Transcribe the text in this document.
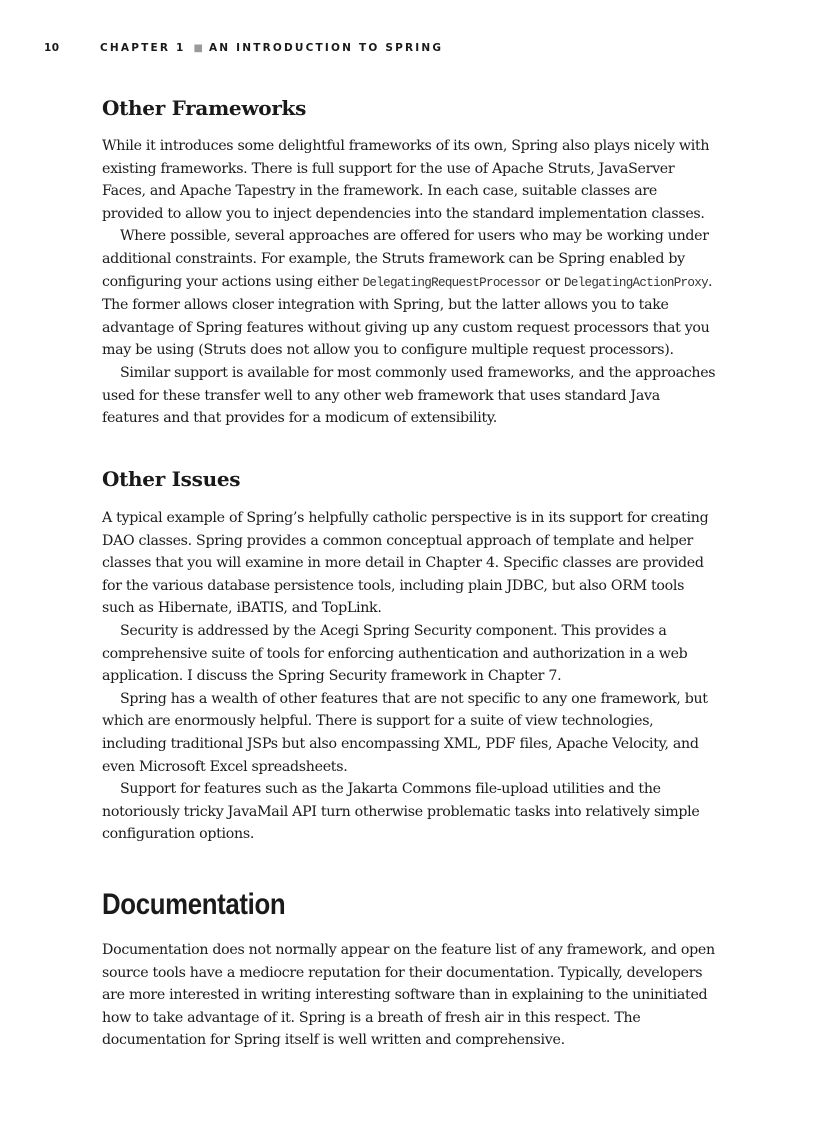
10	CHAPTER 1 ■ AN INTRODUCTION TO SPRING
Other Frameworks

While it introduces some delightful frameworks of its own, Spring also plays nicely with existing frameworks. There is full support for the use of Apache Struts, JavaServer Faces, and Apache Tapestry in the framework. In each case, suitable classes are provided to allow you to inject dependencies into the standard implementation classes.

Where possible, several approaches are offered for users who may be working under additional constraints. For example, the Struts framework can be Spring enabled by configuring your actions using either DelegatingRequestProcessor or DelegatingActionProxy. The former allows closer integration with Spring, but the latter allows you to take advantage of Spring features without giving up any custom request processors that you may be using (Struts does not allow you to configure multiple request processors).

Similar support is available for most commonly used frameworks, and the approaches used for these transfer well to any other web framework that uses standard Java features and that provides for a modicum of extensibility.

Other Issues

A typical example of Spring’s helpfully catholic perspective is in its support for creating DAO classes. Spring provides a common conceptual approach of template and helper classes that you will examine in more detail in Chapter 4. Specific classes are provided for the various database persistence tools, including plain JDBC, but also ORM tools such as Hibernate, iBATIS, and TopLink.

Security is addressed by the Acegi Spring Security component. This provides a comprehensive suite of tools for enforcing authentication and authorization in a web application. I discuss the Spring Security framework in Chapter 7.

Spring has a wealth of other features that are not specific to any one framework, but which are enormously helpful. There is support for a suite of view technologies, including traditional JSPs but also encompassing XML, PDF files, Apache Velocity, and even Microsoft Excel spreadsheets.

Support for features such as the Jakarta Commons file-upload utilities and the notoriously tricky JavaMail API turn otherwise problematic tasks into relatively simple configuration options.

Documentation

Documentation does not normally appear on the feature list of any framework, and open source tools have a mediocre reputation for their documentation. Typically, developers are more interested in writing interesting software than in explaining to the uninitiated how to take advantage of it. Spring is a breath of fresh air in this respect. The documentation for Spring itself is well written and comprehensive.
